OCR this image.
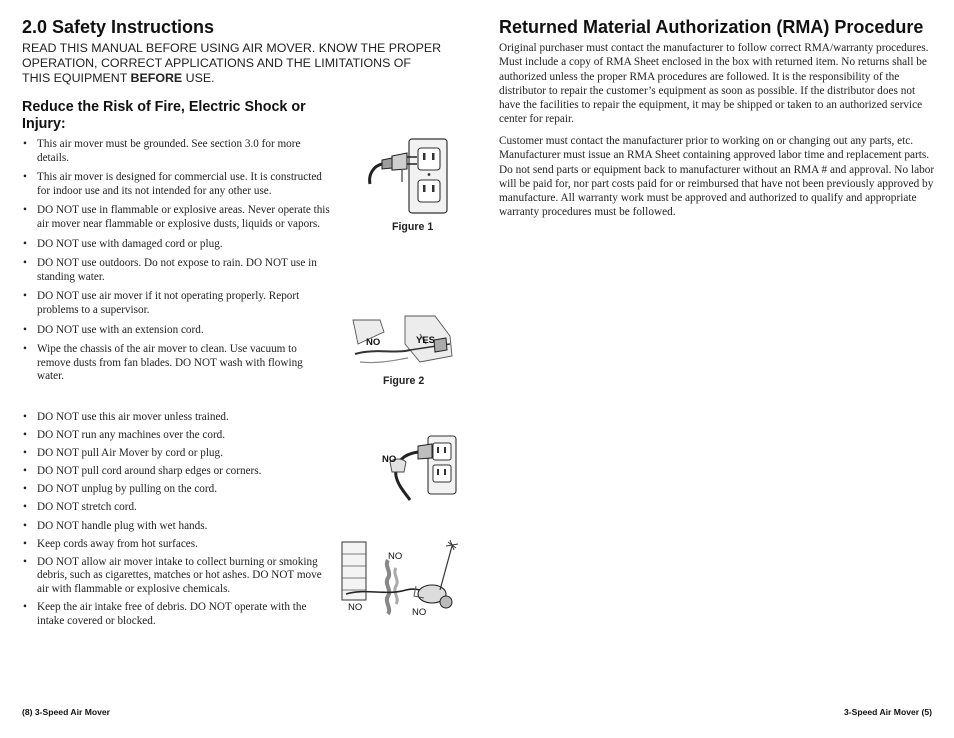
2.0 Safety Instructions

READ THIS MANUAL BEFORE USING AIR MOVER. KNOW THE PROPER OPERATION, CORRECT APPLICATIONS AND THE LIMITATIONS OF THIS EQUIPMENT BEFORE USE.

Reduce the Risk of Fire, Electric Shock or Injury:
• This air mover must be grounded. See section 3.0 for more details.
• This air mover is designed for commercial use. It is constructed for indoor use and its not intended for any other use.
• DO NOT use in flammable or explosive areas. Never operate this air mover near flammable or explosive dusts, liquids or vapors.
• DO NOT use with damaged cord or plug.
• DO NOT use outdoors. Do not expose to rain. DO NOT use in standing water.
• DO NOT use air mover if it not operating properly. Report problems to a supervisor.
• DO NOT use with an extension cord.
• Wipe the chassis of the air mover to clean. Use vacuum to remove dusts from fan blades. DO NOT wash with flowing water.
• DO NOT use this air mover unless trained.
• DO NOT run any machines over the cord.
• DO NOT pull Air Mover by cord or plug.
• DO NOT pull cord around sharp edges or corners.
• DO NOT unplug by pulling on the cord.
• DO NOT stretch cord.
• DO NOT handle plug with wet hands.
• Keep cords away from hot surfaces.
• DO NOT allow air mover intake to collect burning or smoking debris, such as cigarettes, matches or hot ashes. DO NOT move air with flammable or explosive chemicals.
• Keep the air intake free of debris. DO NOT operate with the intake covered or blocked.
Figure 1
NO	YES
Figure 2
NO
NO
NO	NO
(8) 3-Speed Air Mover
Returned Material Authorization (RMA) Procedure

Original purchaser must contact the manufacturer to follow correct RMA/warranty procedures. Must include a copy of RMA Sheet enclosed in the box with returned item. No returns shall be authorized unless the proper RMA procedures are followed. It is the responsibility of the distributor to repair the customer’s equipment as soon as possible. If the distributor does not have the facilities to repair the equipment, it may be shipped or taken to an authorized service center for repair.

Customer must contact the manufacturer prior to working on or changing out any parts, etc. Manufacturer must issue an RMA Sheet containing approved labor time and replacement parts. Do not send parts or equipment back to manufacturer without an RMA # and approval. No labor will be paid for, nor part costs paid for or reimbursed that have not been previously approved by manufacture. All warranty work must be approved and authorized to qualify and appropriate warranty procedures must be followed.

3-Speed Air Mover (5)
